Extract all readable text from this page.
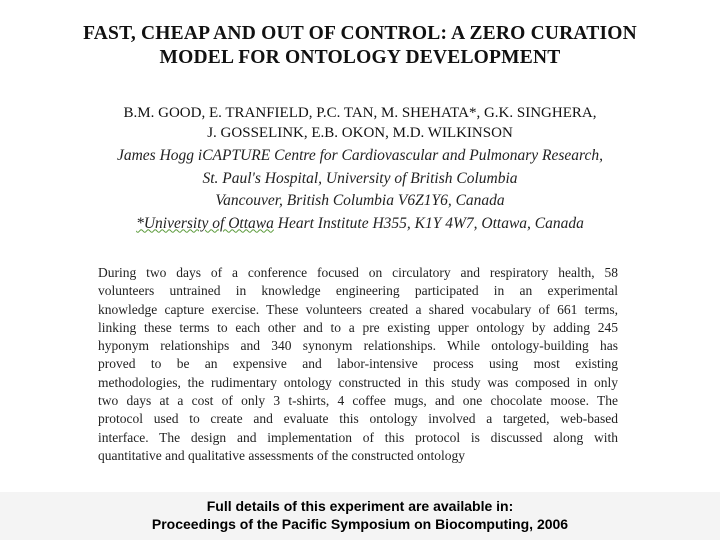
FAST, CHEAP AND OUT OF CONTROL: A ZERO CURATION
MODEL FOR ONTOLOGY DEVELOPMENT
B.M. GOOD, E. TRANFIELD, P.C. TAN, M. SHEHATA*, G.K. SINGHERA,
J. GOSSELINK, E.B. OKON, M.D. WILKINSON
James Hogg iCAPTURE Centre for Cardiovascular and Pulmonary Research,
St. Paul's Hospital, University of British Columbia
Vancouver, British Columbia V6Z1Y6, Canada
*University of Ottawa Heart Institute H355, K1Y 4W7, Ottawa, Canada
During two days of a conference focused on circulatory and respiratory health, 58
volunteers untrained in knowledge engineering participated in an experimental
knowledge capture exercise. These volunteers created a shared vocabulary of 661 terms,
linking these terms to each other and to a pre existing upper ontology by adding 245
hyponym relationships and 340 synonym relationships. While ontology-building has
proved to be an expensive and labor-intensive process using most existing
methodologies, the rudimentary ontology constructed in this study was composed in only
two days at a cost of only 3 t-shirts, 4 coffee mugs, and one chocolate moose. The
protocol used to create and evaluate this ontology involved a targeted, web-based
interface. The design and implementation of this protocol is discussed along with
quantitative and qualitative assessments of the constructed ontology
Full details of this experiment are available in:
Proceedings of the Pacific Symposium on Biocomputing, 2006
